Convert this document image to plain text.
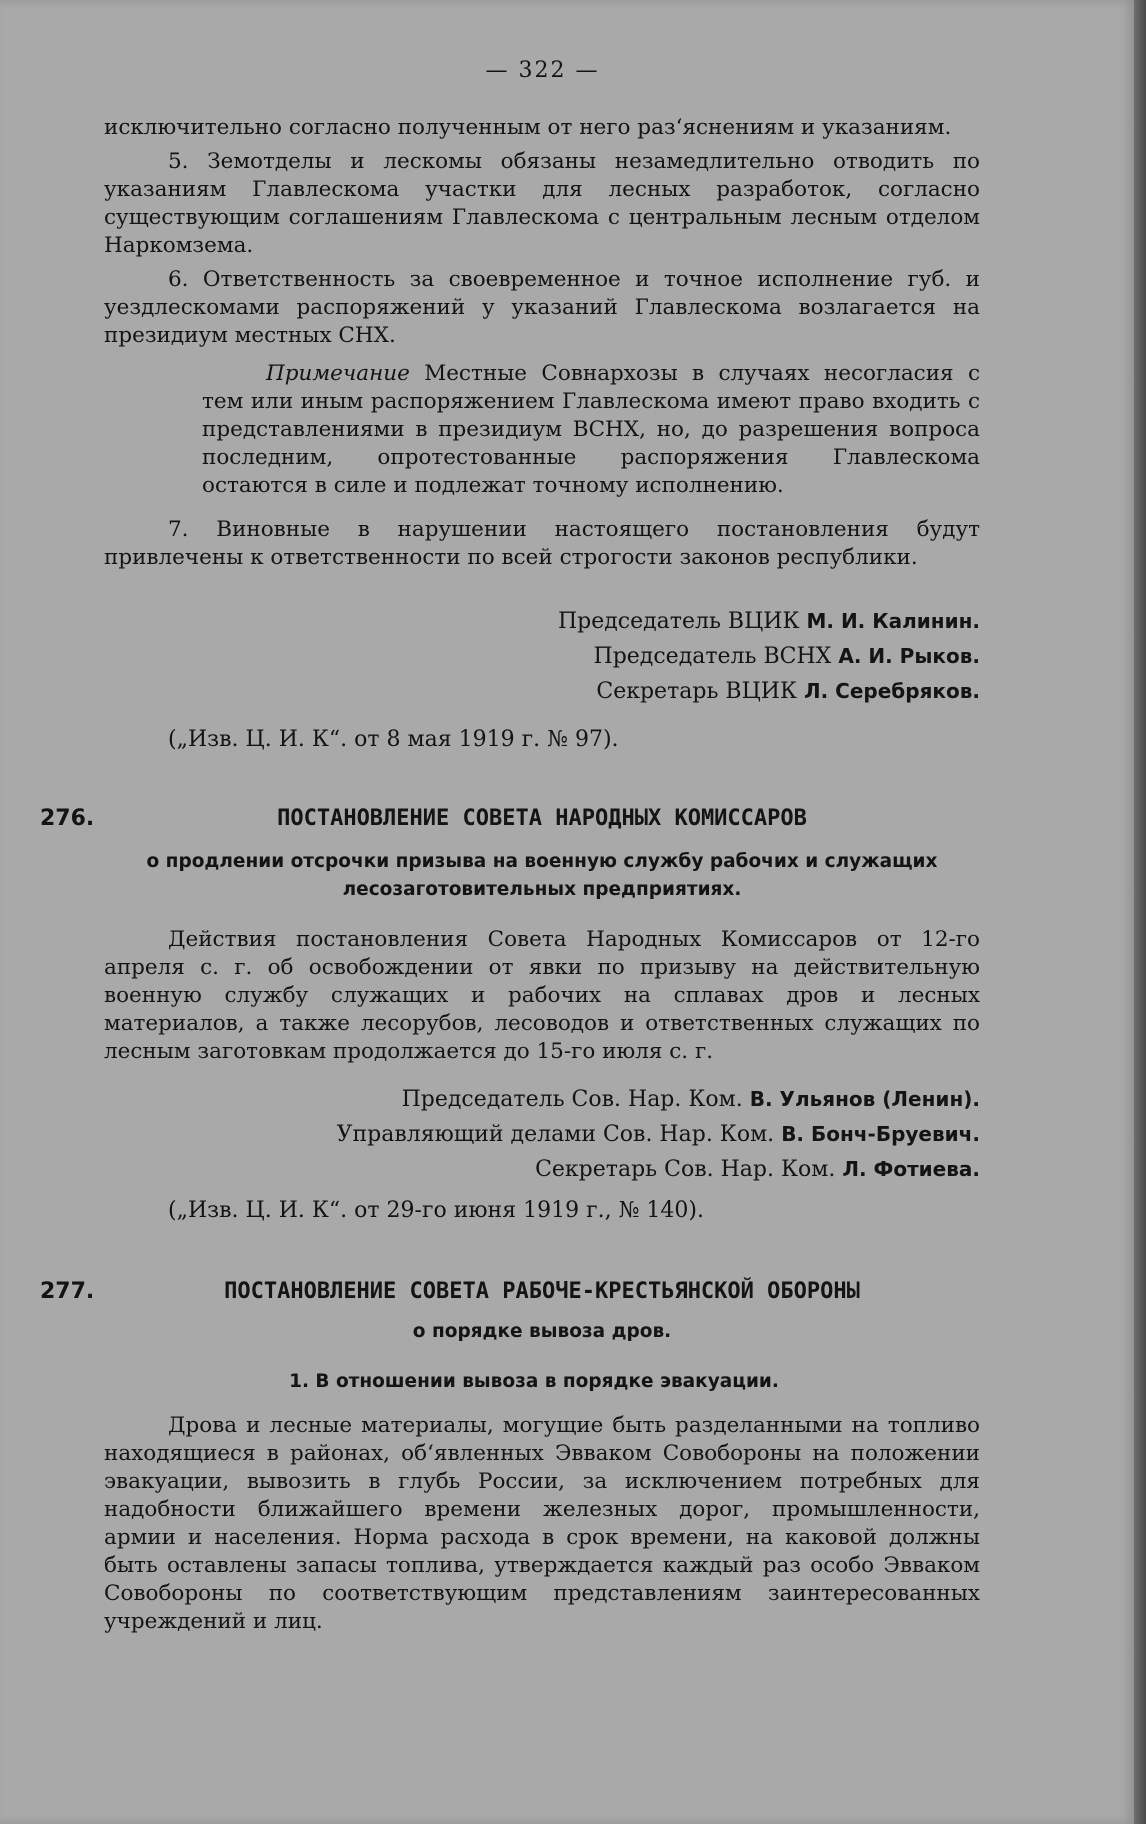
— 322 —

исключительно согласно полученным от него раз‘яснениям и указаниям.

5. Земотделы и лескомы обязаны незамедлительно отводить по указаниям Главлескома участки для лесных разработок, согласно существующим соглашениям Главлескома с центральным лесным отделом Наркомзема.

6. Ответственность за своевременное и точное исполнение губ. и уездлескомами распоряжений у указаний Главлескома возлагается на президиум местных СНХ.

Примечание Местные Совнархозы в случаях несогласия с тем или иным распоряжением Главлескома имеют право входить с представлениями в президиум ВСНХ, но, до разрешения вопроса последним, опротестованные распоряжения Главлескома остаются в силе и подлежат точному исполнению.

7. Виновные в нарушении настоящего постановления будут привлечены к ответственности по всей строгости законов республики.

Председатель ВЦИК М. И. Калинин.
Председатель ВСНХ А. И. Рыков.
Секретарь ВЦИК Л. Серебряков.
(„Изв. Ц. И. К“. от 8 мая 1919 г. № 97).
276.	ПОСТАНОВЛЕНИЕ СОВЕТА НАРОДНЫХ КОМИССАРОВ
о продлении отсрочки призыва на военную службу рабочих и служащих лесозаготовительных предприятиях.

Действия постановления Совета Народных Комиссаров от 12-го апреля с. г. об освобождении от явки по призыву на действительную военную службу служащих и рабочих на сплавах дров и лесных материалов, а также лесорубов, лесоводов и ответственных служащих по лесным заготовкам продолжается до 15-го июля с. г.

Председатель Сов. Нар. Ком. В. Ульянов (Ленин).
Управляющий делами Сов. Нар. Ком. В. Бонч-Бруевич.
Секретарь Сов. Нар. Ком. Л. Фотиева.
(„Изв. Ц. И. К“. от 29-го июня 1919 г., № 140).
277.	ПОСТАНОВЛЕНИЕ СОВЕТА РАБОЧЕ-КРЕСТЬЯНСКОЙ ОБОРОНЫ
о порядке вывоза дров.
1. В отношении вывоза в порядке эвакуации.

Дрова и лесные материалы, могущие быть разделанными на топливо находящиеся в районах, об‘явленных Эвваком Совобороны на положении эвакуации, вывозить в глубь России, за исключением потребных для надобности ближайшего времени железных дорог, промышленности, армии и населения. Норма расхода в срок времени, на каковой должны быть оставлены запасы топлива, утверждается каждый раз особо Эвваком Совобороны по соответствующим представлениям заинтересованных учреждений и лиц.
